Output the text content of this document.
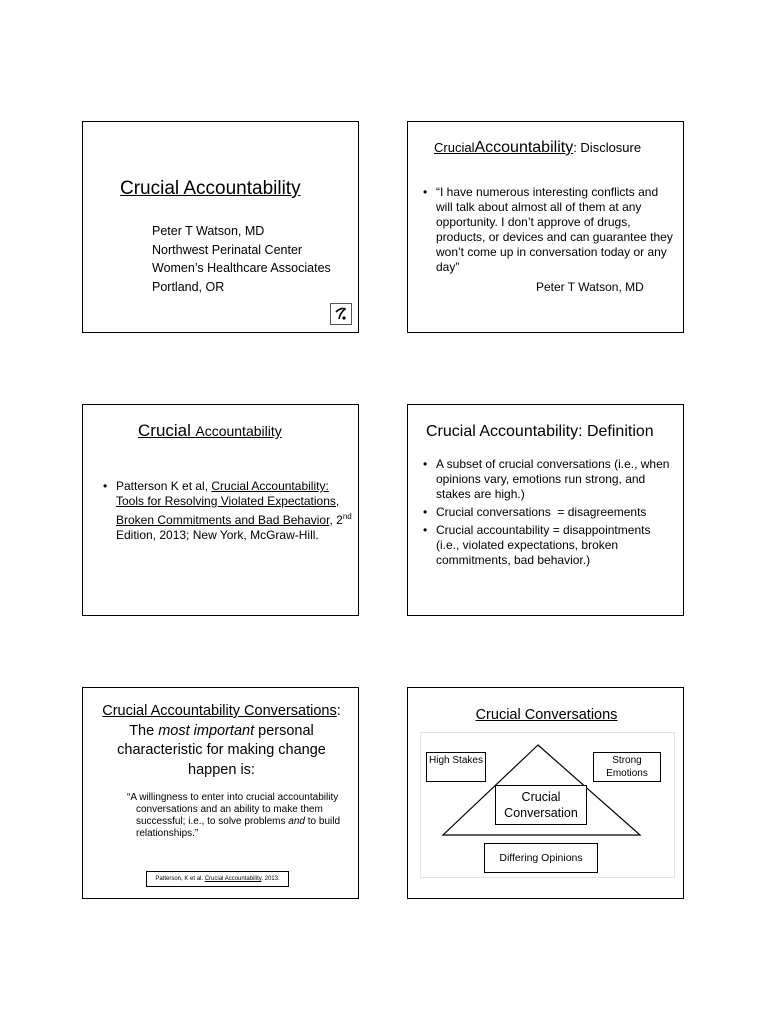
Crucial Accountability
Peter T Watson, MD
Northwest Perinatal Center
Women’s Healthcare Associates
Portland, OR
CrucialAccountability: Disclosure
• “I have numerous interesting conflicts and will talk about almost all of them at any opportunity. I don’t approve of drugs, products, or devices and can guarantee they won’t come up in conversation today or any day”
Peter T Watson, MD
Crucial Accountability
• Patterson K et al, Crucial Accountability: Tools for Resolving Violated Expectations, Broken Commitments and Bad Behavior, 2nd Edition, 2013; New York, McGraw-Hill.
Crucial Accountability: Definition
• A subset of crucial conversations (i.e., when opinions vary, emotions run strong, and stakes are high.)
• Crucial conversations  = disagreements
• Crucial accountability = disappointments (i.e., violated expectations, broken commitments, bad behavior.)
Crucial Accountability Conversations: The most important personal characteristic for making change happen is:
“A willingness to enter into crucial accountability conversations and an ability to make them successful; i.e., to solve problems and to build relationships.”
Patterson, K et al. Crucial Accountability. 2013.
Crucial Conversations
High Stakes	Strong Emotions
Crucial Conversation
Differing Opinions
